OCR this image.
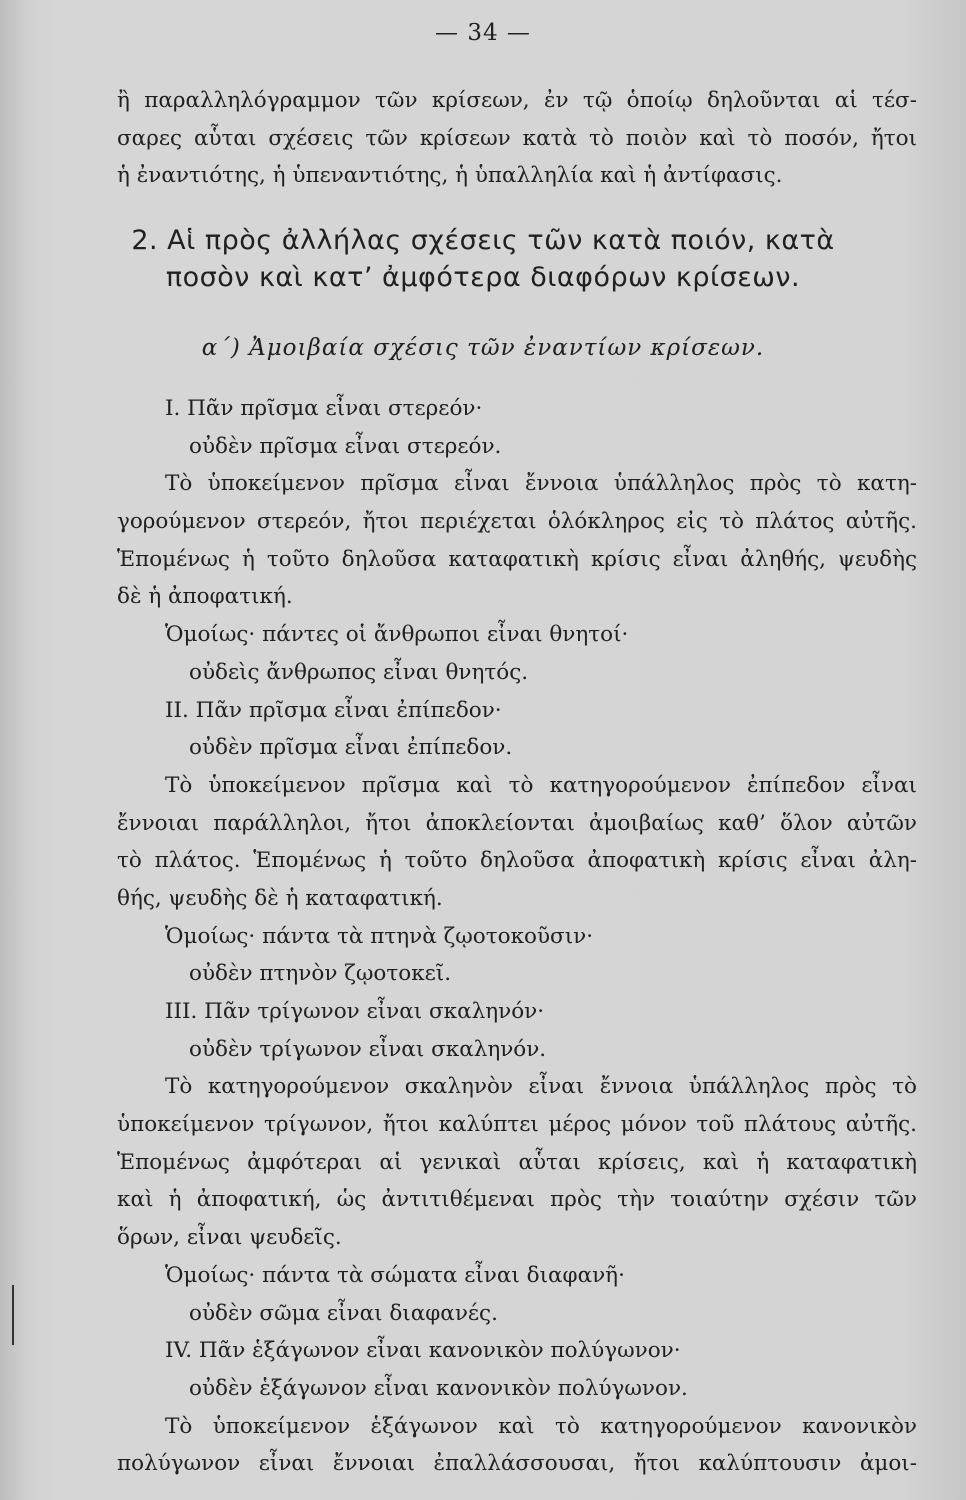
— 34 —
ἢ παραλληλόγραμμον τῶν κρίσεων, ἐν τῷ ὁποίῳ δηλοῦνται αἱ τέσ-
σαρες αὗται σχέσεις τῶν κρίσεων κατὰ τὸ ποιὸν καὶ τὸ ποσόν, ἤτοι
ἡ ἐναντιότης, ἡ ὑπεναντιότης, ἡ ὑπαλληλία καὶ ἡ ἀντίφασις.
2. Αἱ πρὸς ἀλλήλας σχέσεις τῶν κατὰ ποιόν, κατὰ
ποσὸν καὶ κατ’ ἀμφότερα διαφόρων κρίσεων.
α΄) Ἀμοιβαία σχέσις τῶν ἐναντίων κρίσεων.
I. Πᾶν πρῖσμα εἶναι στερεόν·
οὐδὲν πρῖσμα εἶναι στερεόν.
Τὸ ὑποκείμενον πρῖσμα εἶναι ἔννοια ὑπάλληλος πρὸς τὸ κατη-
γορούμενον στερεόν, ἤτοι περιέχεται ὁλόκληρος εἰς τὸ πλάτος αὐτῆς.
Ἑπομένως ἡ τοῦτο δηλοῦσα καταφατικὴ κρίσις εἶναι ἀληθής, ψευδὴς
δὲ ἡ ἀποφατική.
Ὁμοίως· πάντες οἱ ἄνθρωποι εἶναι θνητοί·
οὐδεὶς ἄνθρωπος εἶναι θνητός.
II. Πᾶν πρῖσμα εἶναι ἐπίπεδον·
οὐδὲν πρῖσμα εἶναι ἐπίπεδον.
Τὸ ὑποκείμενον πρῖσμα καὶ τὸ κατηγορούμενον ἐπίπεδον εἶναι
ἔννοιαι παράλληλοι, ἤτοι ἀποκλείονται ἀμοιβαίως καθ’ ὅλον αὐτῶν
τὸ πλάτος. Ἑπομένως ἡ τοῦτο δηλοῦσα ἀποφατικὴ κρίσις εἶναι ἀλη-
θής, ψευδὴς δὲ ἡ καταφατική.
Ὁμοίως· πάντα τὰ πτηνὰ ζῳοτοκοῦσιν·
οὐδὲν πτηνὸν ζῳοτοκεῖ.
III. Πᾶν τρίγωνον εἶναι σκαληνόν·
οὐδὲν τρίγωνον εἶναι σκαληνόν.
Τὸ κατηγορούμενον σκαληνὸν εἶναι ἔννοια ὑπάλληλος πρὸς τὸ
ὑποκείμενον τρίγωνον, ἤτοι καλύπτει μέρος μόνον τοῦ πλάτους αὐτῆς.
Ἑπομένως ἀμφότεραι αἱ γενικαὶ αὗται κρίσεις, καὶ ἡ καταφατικὴ
καὶ ἡ ἀποφατική, ὡς ἀντιτιθέμεναι πρὸς τὴν τοιαύτην σχέσιν τῶν
ὅρων, εἶναι ψευδεῖς.
Ὁμοίως· πάντα τὰ σώματα εἶναι διαφανῆ·
οὐδὲν σῶμα εἶναι διαφανές.
IV. Πᾶν ἑξάγωνον εἶναι κανονικὸν πολύγωνον·
οὐδὲν ἑξάγωνον εἶναι κανονικὸν πολύγωνον.
Τὸ ὑποκείμενον ἑξάγωνον καὶ τὸ κατηγορούμενον κανονικὸν
πολύγωνον εἶναι ἔννοιαι ἐπαλλάσσουσαι, ἤτοι καλύπτουσιν ἀμοι-
